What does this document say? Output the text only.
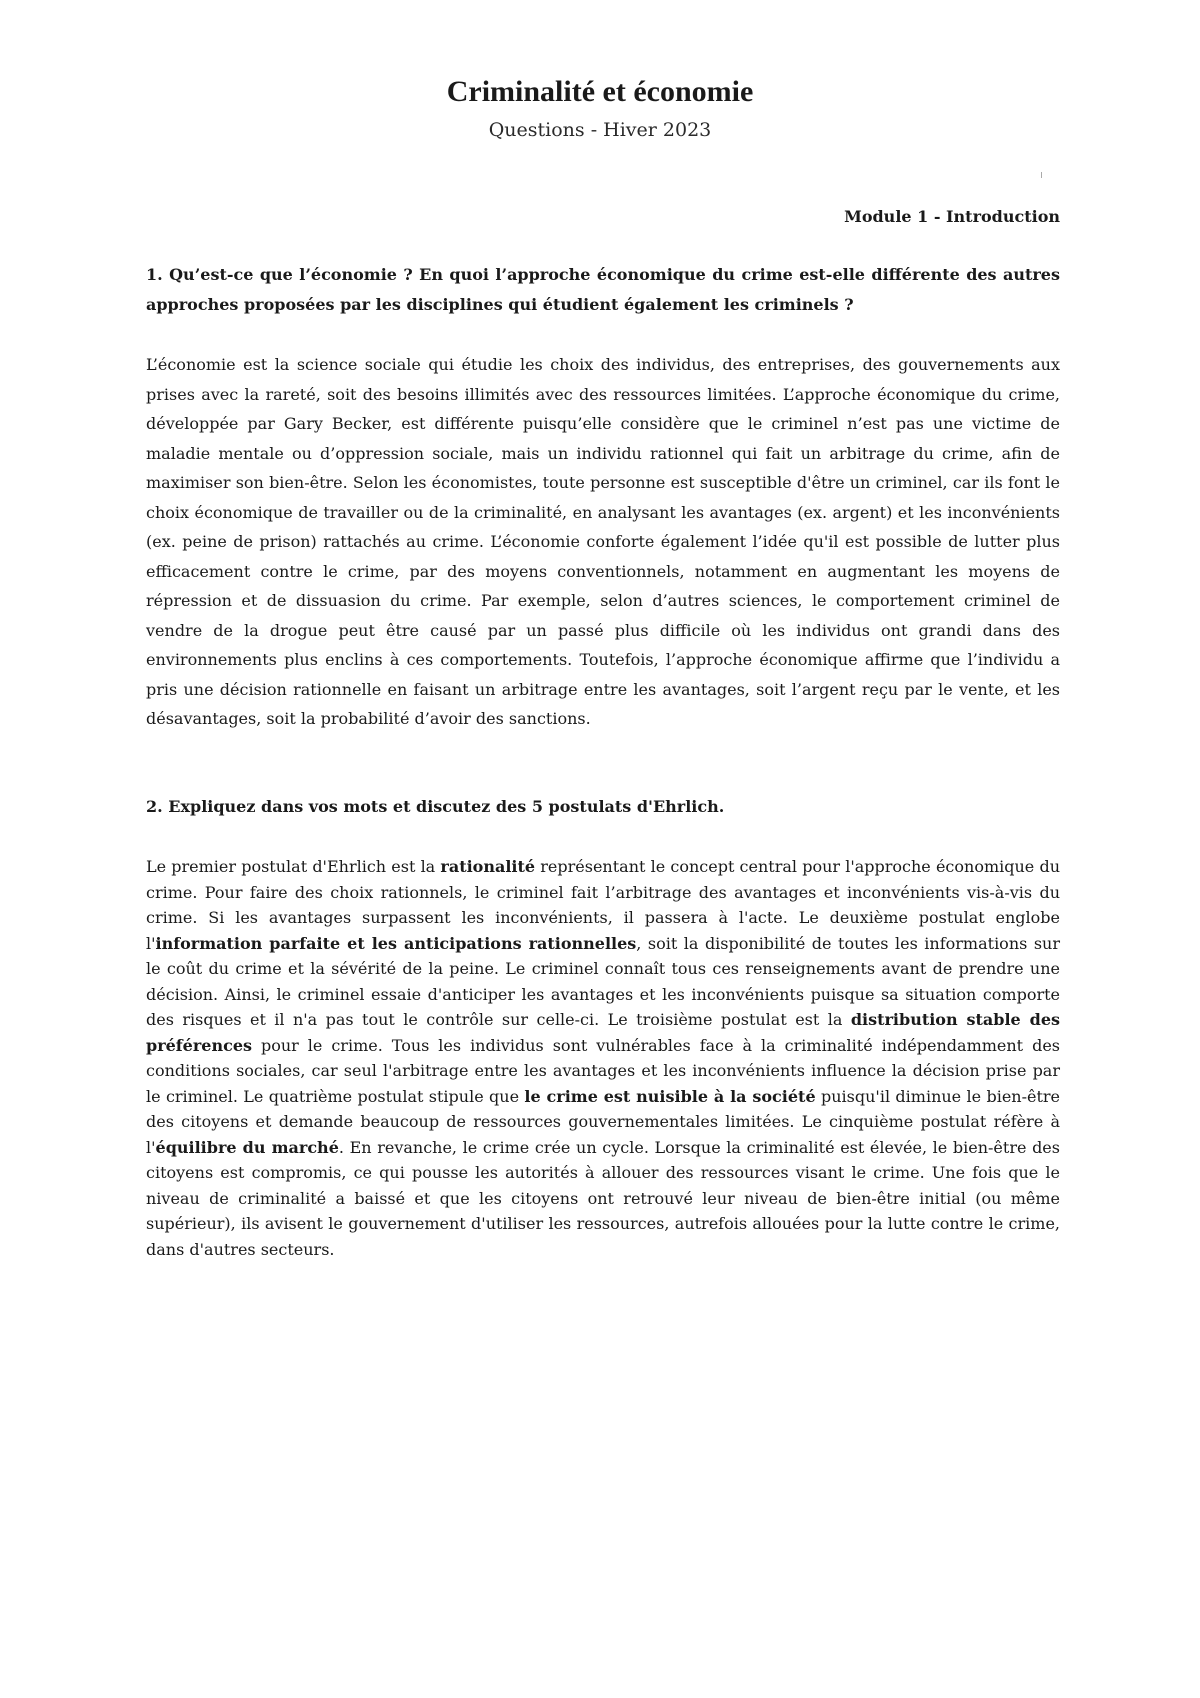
Criminalité et économie

Questions - Hiver 2023

Module 1 - Introduction

1. Qu’est-ce que l’économie ? En quoi l’approche économique du crime est-elle différente des autres approches proposées par les disciplines qui étudient également les criminels ?

L’économie est la science sociale qui étudie les choix des individus, des entreprises, des gouvernements aux prises avec la rareté, soit des besoins illimités avec des ressources limitées. L’approche économique du crime, développée par Gary Becker, est différente puisqu’elle considère que le criminel n’est pas une victime de maladie mentale ou d’oppression sociale, mais un individu rationnel qui fait un arbitrage du crime, afin de maximiser son bien-être. Selon les économistes, toute personne est susceptible d'être un criminel, car ils font le choix économique de travailler ou de la criminalité, en analysant les avantages (ex. argent) et les inconvénients (ex. peine de prison) rattachés au crime. L’économie conforte également l’idée qu'il est possible de lutter plus efficacement contre le crime, par des moyens conventionnels, notamment en augmentant les moyens de répression et de dissuasion du crime. Par exemple, selon d’autres sciences, le comportement criminel de vendre de la drogue peut être causé par un passé plus difficile où les individus ont grandi dans des environnements plus enclins à ces comportements. Toutefois, l’approche économique affirme que l’individu a pris une décision rationnelle en faisant un arbitrage entre les avantages, soit l’argent reçu par le vente, et les désavantages, soit la probabilité d’avoir des sanctions.

2. Expliquez dans vos mots et discutez des 5 postulats d'Ehrlich.

Le premier postulat d'Ehrlich est la rationalité représentant le concept central pour l'approche économique du crime. Pour faire des choix rationnels, le criminel fait l’arbitrage des avantages et inconvénients vis-à-vis du crime. Si les avantages surpassent les inconvénients, il passera à l'acte. Le deuxième postulat englobe l'information parfaite et les anticipations rationnelles, soit la disponibilité de toutes les informations sur le coût du crime et la sévérité de la peine. Le criminel connaît tous ces renseignements avant de prendre une décision. Ainsi, le criminel essaie d'anticiper les avantages et les inconvénients puisque sa situation comporte des risques et il n'a pas tout le contrôle sur celle-ci. Le troisième postulat est la distribution stable des préférences pour le crime. Tous les individus sont vulnérables face à la criminalité indépendamment des conditions sociales, car seul l'arbitrage entre les avantages et les inconvénients influence la décision prise par le criminel. Le quatrième postulat stipule que le crime est nuisible à la société puisqu'il diminue le bien-être des citoyens et demande beaucoup de ressources gouvernementales limitées. Le cinquième postulat réfère à l'équilibre du marché. En revanche, le crime crée un cycle. Lorsque la criminalité est élevée, le bien-être des citoyens est compromis, ce qui pousse les autorités à allouer des ressources visant le crime. Une fois que le niveau de criminalité a baissé et que les citoyens ont retrouvé leur niveau de bien-être initial (ou même supérieur), ils avisent le gouvernement d'utiliser les ressources, autrefois allouées pour la lutte contre le crime, dans d'autres secteurs.
